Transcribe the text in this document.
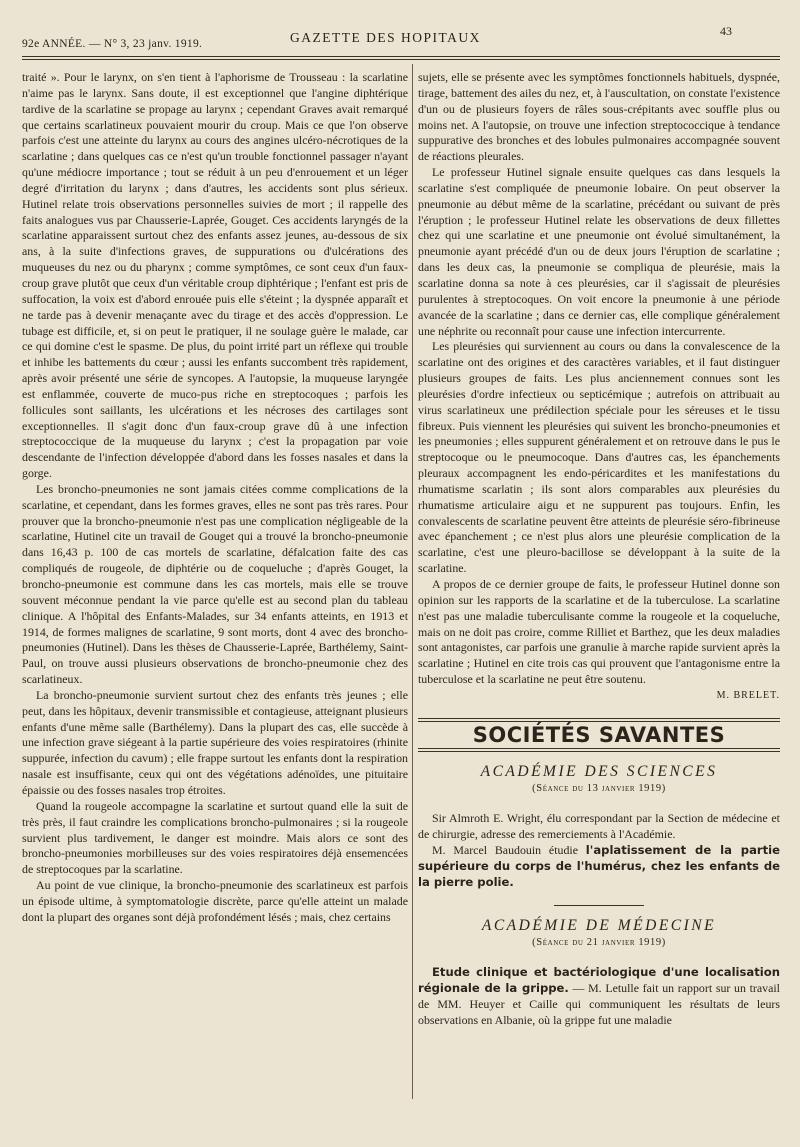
92e ANNÉE. — N° 3, 23 janv. 1919.	GAZETTE DES HOPITAUX	43

traité ». Pour le larynx, on s'en tient à l'aphorisme de Trousseau : la scarlatine n'aime pas le larynx. Sans doute, il est exceptionnel que l'angine diphtérique tardive de la scarlatine se propage au larynx ; cependant Graves avait remarqué que certains scarlatineux pouvaient mourir du croup. Mais ce que l'on observe parfois c'est une atteinte du larynx au cours des angines ulcéro-nécrotiques de la scarlatine ; dans quelques cas ce n'est qu'un trouble fonctionnel passager n'ayant qu'une médiocre importance ; tout se réduit à un peu d'enrouement et un léger degré d'irritation du larynx ; dans d'autres, les accidents sont plus sérieux. Hutinel relate trois observations personnelles suivies de mort ; il rappelle des faits analogues vus par Chausserie-Laprée, Gouget. Ces accidents laryngés de la scarlatine apparaissent surtout chez des enfants assez jeunes, au-dessous de six ans, à la suite d'infections graves, de suppurations ou d'ulcérations des muqueuses du nez ou du pharynx ; comme symptômes, ce sont ceux d'un faux-croup grave plutôt que ceux d'un véritable croup diphtérique ; l'enfant est pris de suffocation, la voix est d'abord enrouée puis elle s'éteint ; la dyspnée apparaît et ne tarde pas à devenir menaçante avec du tirage et des accès d'oppression. Le tubage est difficile, et, si on peut le pratiquer, il ne soulage guère le malade, car ce qui domine c'est le spasme. De plus, du point irrité part un réflexe qui trouble et inhibe les battements du cœur ; aussi les enfants succombent très rapidement, après avoir présenté une série de syncopes. A l'autopsie, la muqueuse laryngée est enflammée, couverte de muco-pus riche en streptocoques ; parfois les follicules sont saillants, les ulcérations et les nécroses des cartilages sont exceptionnelles. Il s'agit donc d'un faux-croup grave dû à une infection streptococcique de la muqueuse du larynx ; c'est la propagation par voie descendante de l'infection développée d'abord dans les fosses nasales et dans la gorge.

Les broncho-pneumonies ne sont jamais citées comme complications de la scarlatine, et cependant, dans les formes graves, elles ne sont pas très rares. Pour prouver que la broncho-pneumonie n'est pas une complication négligeable de la scarlatine, Hutinel cite un travail de Gouget qui a trouvé la broncho-pneumonie dans 16,43 p. 100 de cas mortels de scarlatine, défalcation faite des cas compliqués de rougeole, de diphtérie ou de coqueluche ; d'après Gouget, la broncho-pneumonie est commune dans les cas mortels, mais elle se trouve souvent méconnue pendant la vie parce qu'elle est au second plan du tableau clinique. A l'hôpital des Enfants-Malades, sur 34 enfants atteints, en 1913 et 1914, de formes malignes de scarlatine, 9 sont morts, dont 4 avec des broncho-pneumonies (Hutinel). Dans les thèses de Chausserie-Laprée, Barthélemy, Saint-Paul, on trouve aussi plusieurs observations de broncho-pneumonie chez des scarlatineux.

La broncho-pneumonie survient surtout chez des enfants très jeunes ; elle peut, dans les hôpitaux, devenir transmissible et contagieuse, atteignant plusieurs enfants d'une même salle (Barthélemy). Dans la plupart des cas, elle succède à une infection grave siégeant à la partie supérieure des voies respiratoires (rhinite suppurée, infection du cavum) ; elle frappe surtout les enfants dont la respiration nasale est insuffisante, ceux qui ont des végétations adénoïdes, une pituitaire épaissie ou des fosses nasales trop étroites.

Quand la rougeole accompagne la scarlatine et surtout quand elle la suit de très près, il faut craindre les complications broncho-pulmonaires ; si la rougeole survient plus tardivement, le danger est moindre. Mais alors ce sont des broncho-pneumonies morbilleuses sur des voies respiratoires déjà ensemencées de streptocoques par la scarlatine.

Au point de vue clinique, la broncho-pneumonie des scarlatineux est parfois un épisode ultime, à symptomatologie discrète, parce qu'elle atteint un malade dont la plupart des organes sont déjà profondément lésés ; mais, chez certains

sujets, elle se présente avec les symptômes fonctionnels habituels, dyspnée, tirage, battement des ailes du nez, et, à l'auscultation, on constate l'existence d'un ou de plusieurs foyers de râles sous-crépitants avec souffle plus ou moins net. A l'autopsie, on trouve une infection streptococcique à tendance suppurative des bronches et des lobules pulmonaires accompagnée souvent de réactions pleurales.

Le professeur Hutinel signale ensuite quelques cas dans lesquels la scarlatine s'est compliquée de pneumonie lobaire. On peut observer la pneumonie au début même de la scarlatine, précédant ou suivant de près l'éruption ; le professeur Hutinel relate les observations de deux fillettes chez qui une scarlatine et une pneumonie ont évolué simultanément, la pneumonie ayant précédé d'un ou de deux jours l'éruption de scarlatine ; dans les deux cas, la pneumonie se compliqua de pleurésie, mais la scarlatine donna sa note à ces pleurésies, car il s'agissait de pleurésies purulentes à streptocoques. On voit encore la pneumonie à une période avancée de la scarlatine ; dans ce dernier cas, elle complique généralement une néphrite ou reconnaît pour cause une infection intercurrente.

Les pleurésies qui surviennent au cours ou dans la convalescence de la scarlatine ont des origines et des caractères variables, et il faut distinguer plusieurs groupes de faits. Les plus anciennement connues sont les pleurésies d'ordre infectieux ou septicémique ; autrefois on attribuait au virus scarlatineux une prédilection spéciale pour les séreuses et le tissu fibreux. Puis viennent les pleurésies qui suivent les broncho-pneumonies et les pneumonies ; elles suppurent généralement et on retrouve dans le pus le streptocoque ou le pneumocoque. Dans d'autres cas, les épanchements pleuraux accompagnent les endo-péricardites et les manifestations du rhumatisme scarlatin ; ils sont alors comparables aux pleurésies du rhumatisme articulaire aigu et ne suppurent pas toujours. Enfin, les convalescents de scarlatine peuvent être atteints de pleurésie séro-fibrineuse avec épanchement ; ce n'est plus alors une pleurésie complication de la scarlatine, c'est une pleuro-bacillose se développant à la suite de la scarlatine.

A propos de ce dernier groupe de faits, le professeur Hutinel donne son opinion sur les rapports de la scarlatine et de la tuberculose. La scarlatine n'est pas une maladie tuberculisante comme la rougeole et la coqueluche, mais on ne doit pas croire, comme Rilliet et Barthez, que les deux maladies sont antagonistes, car parfois une granulie à marche rapide survient après la scarlatine ; Hutinel en cite trois cas qui prouvent que l'antagonisme entre la tuberculose et la scarlatine ne peut être soutenu.

M. BRELET.
SOCIÉTÉS SAVANTES
ACADÉMIE DES SCIENCES
(Séance du 13 janvier 1919)

Sir Almroth E. Wright, élu correspondant par la Section de médecine et de chirurgie, adresse des remerciements à l'Académie.

M. Marcel Baudouin étudie l'aplatissement de la partie supérieure du corps de l'humérus, chez les enfants de la pierre polie.

ACADÉMIE DE MÉDECINE
(Séance du 21 janvier 1919)

Etude clinique et bactériologique d'une localisation régionale de la grippe. — M. Letulle fait un rapport sur un travail de MM. Heuyer et Caille qui communiquent les résultats de leurs observations en Albanie, où la grippe fut une maladie
